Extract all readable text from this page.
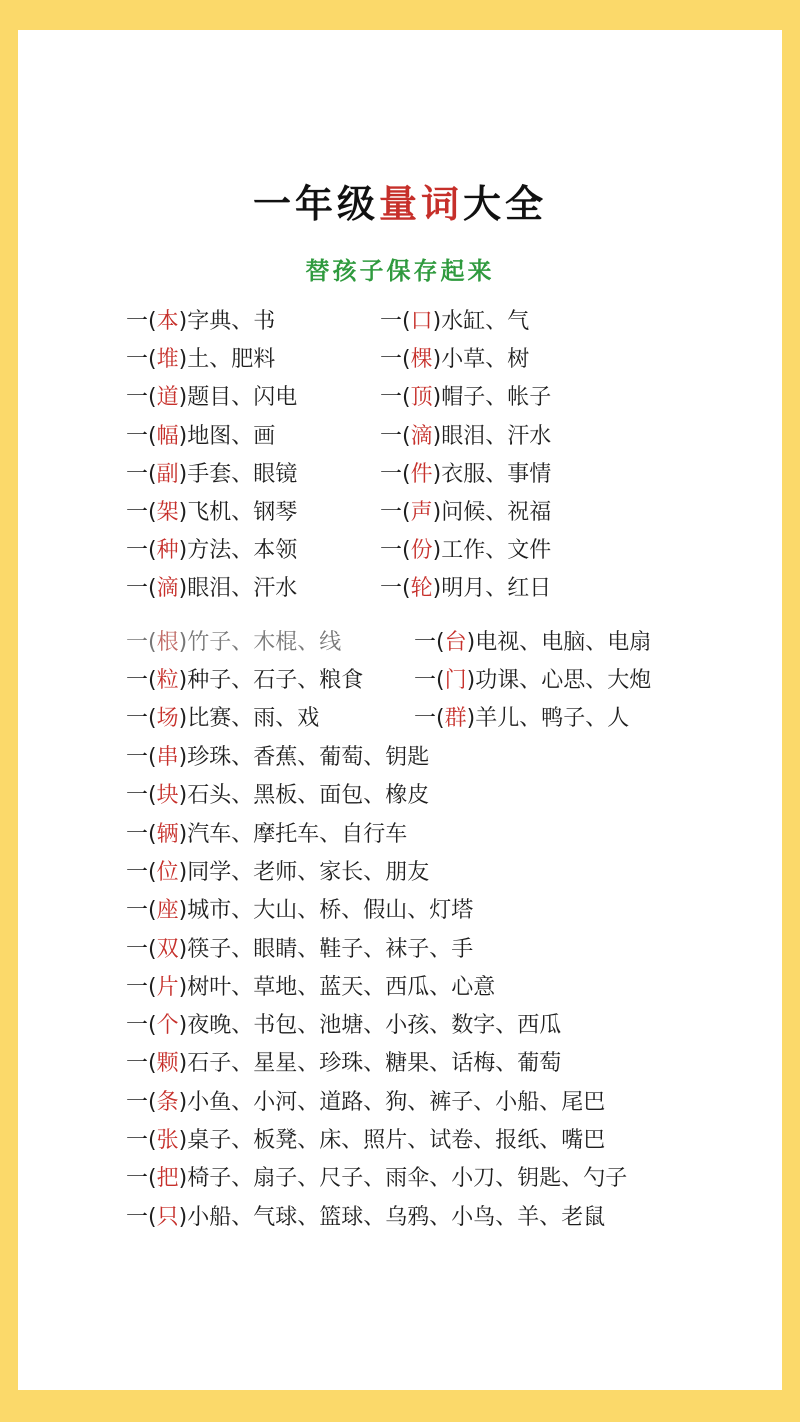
一年级量词大全
替孩子保存起来
一(本)字典、书
一(堆)土、肥料
一(道)题目、闪电
一(幅)地图、画
一(副)手套、眼镜
一(架)飞机、钢琴
一(种)方法、本领
一(滴)眼泪、汗水
一(口)水缸、气
一(棵)小草、树
一(顶)帽子、帐子
一(滴)眼泪、汗水
一(件)衣服、事情
一(声)问候、祝福
一(份)工作、文件
一(轮)明月、红日
一(根)竹子、木棍、线
一(粒)种子、石子、粮食
一(场)比赛、雨、戏
一(台)电视、电脑、电扇
一(门)功课、心思、大炮
一(群)羊儿、鸭子、人
一(串)珍珠、香蕉、葡萄、钥匙
一(块)石头、黑板、面包、橡皮
一(辆)汽车、摩托车、自行车
一(位)同学、老师、家长、朋友
一(座)城市、大山、桥、假山、灯塔
一(双)筷子、眼睛、鞋子、袜子、手
一(片)树叶、草地、蓝天、西瓜、心意
一(个)夜晚、书包、池塘、小孩、数字、西瓜
一(颗)石子、星星、珍珠、糖果、话梅、葡萄
一(条)小鱼、小河、道路、狗、裤子、小船、尾巴
一(张)桌子、板凳、床、照片、试卷、报纸、嘴巴
一(把)椅子、扇子、尺子、雨伞、小刀、钥匙、勺子
一(只)小船、气球、篮球、乌鸦、小鸟、羊、老鼠
